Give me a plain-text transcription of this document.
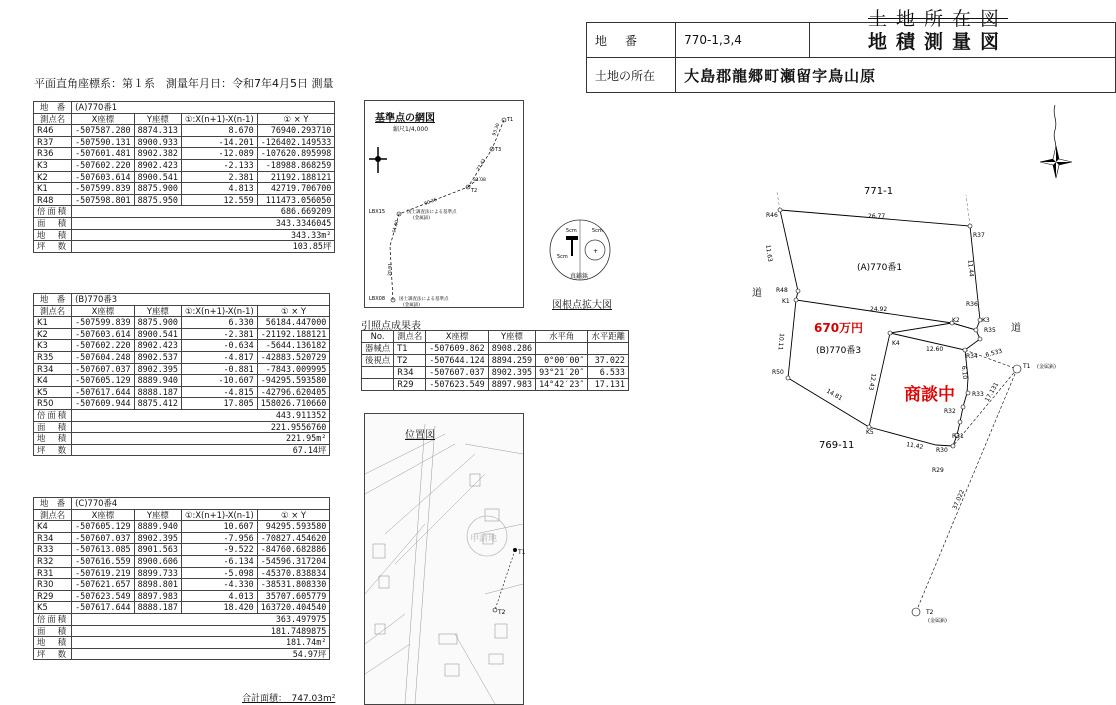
地　番	770-1,3,4
土地の所在	大島郡龍郷町瀬留字鳥山原
土地所在図
地積測量図
平面直角座標系：第１系　測量年月日：令和7年4月5日 測量
地　番	(A)770番1			
測点名	X座標	Y座標	①:X(n+1)-X(n-1)	① × Y
R46	-507587.280	8874.313	8.670	76940.293710
R37	-507590.131	8900.933	-14.201	-126402.149533
R36	-507601.481	8902.382	-12.089	-107620.895998
K3	-507602.220	8902.423	-2.133	-18988.868259
K2	-507603.614	8900.541	2.381	21192.188121
K1	-507599.839	8875.900	4.813	42719.706700
R48	-507598.801	8875.950	12.559	111473.056050
倍面積	686.669209			
面　積	343.3346045			
地　積	343.33m²			
坪　数	103.85坪			
地　番	(B)770番3			
測点名	X座標	Y座標	①:X(n+1)-X(n-1)	① × Y
K1	-507599.839	8875.900	6.330	56184.447000
K2	-507603.614	8900.541	-2.381	-21192.188121
K3	-507602.220	8902.423	-0.634	-5644.136182
R35	-507604.248	8902.537	-4.817	-42883.520729
R34	-507607.037	8902.395	-0.881	-7843.009995
K4	-507605.129	8889.940	-10.607	-94295.593580
K5	-507617.644	8888.187	-4.815	-42796.620405
R50	-507609.944	8875.412	17.805	158026.710660
倍面積	443.911352			
面　積	221.9556760			
地　積	221.95m²			
坪　数	67.14坪			
地　番	(C)770番4			
測点名	X座標	Y座標	①:X(n+1)-X(n-1)	① × Y
K4	-507605.129	8889.940	10.607	94295.593580
R34	-507607.037	8902.395	-7.956	-70827.454620
R33	-507613.085	8901.563	-9.522	-84760.682886
R32	-507616.559	8900.606	-6.134	-54596.317204
R31	-507619.219	8899.733	-5.098	-45370.838834
R30	-507621.657	8898.801	-4.330	-38531.808330
R29	-507623.549	8897.983	4.013	35707.605779
K5	-507617.644	8888.187	18.420	163720.404540
倍面積	363.497975			
面　積	181.7489875			
地　積	181.74m²			
坪　数	54.97坪			
合計面積：　747.03m²
基準点の網図
縮尺1/4,000
T1
T3
T2
LBX15
LBX08
国土調査法による基準点
(金属鋲)
国土調査法による基準点
(金属鋲)
60.36
77.43
93.30
11.60
20.91
31.08
+
5cm	5cm
5cm
真鍮鋲
図根点拡大図
引照点成果表
No.	測点名	X座標	Y座標	水平角	水平距離
器械点	T1	-507609.862	8908.286		
後視点	T2	-507644.124	8894.259	0°00′00″	37.022
	R34	-507607.037	8902.395	93°21′20″	6.533
	R29	-507623.549	8897.983	14°42′23″	17.131
申請地
T1
T2
位置図
R46
R37
R48
K1	R36
K3
K2
R35
K4
R34
R50
R33
R32
R31
R30
R29
K5
26.77
11.63
11.44
24.92
12.60	6.533
10.11
12.43
6.10
14.81
11.42
17.131
37.022
771-1
769-11
道
道
(A)770番1
(B)770番3
670万円
商談中
T1 (金属鋲)
T2
(金属鋲)
